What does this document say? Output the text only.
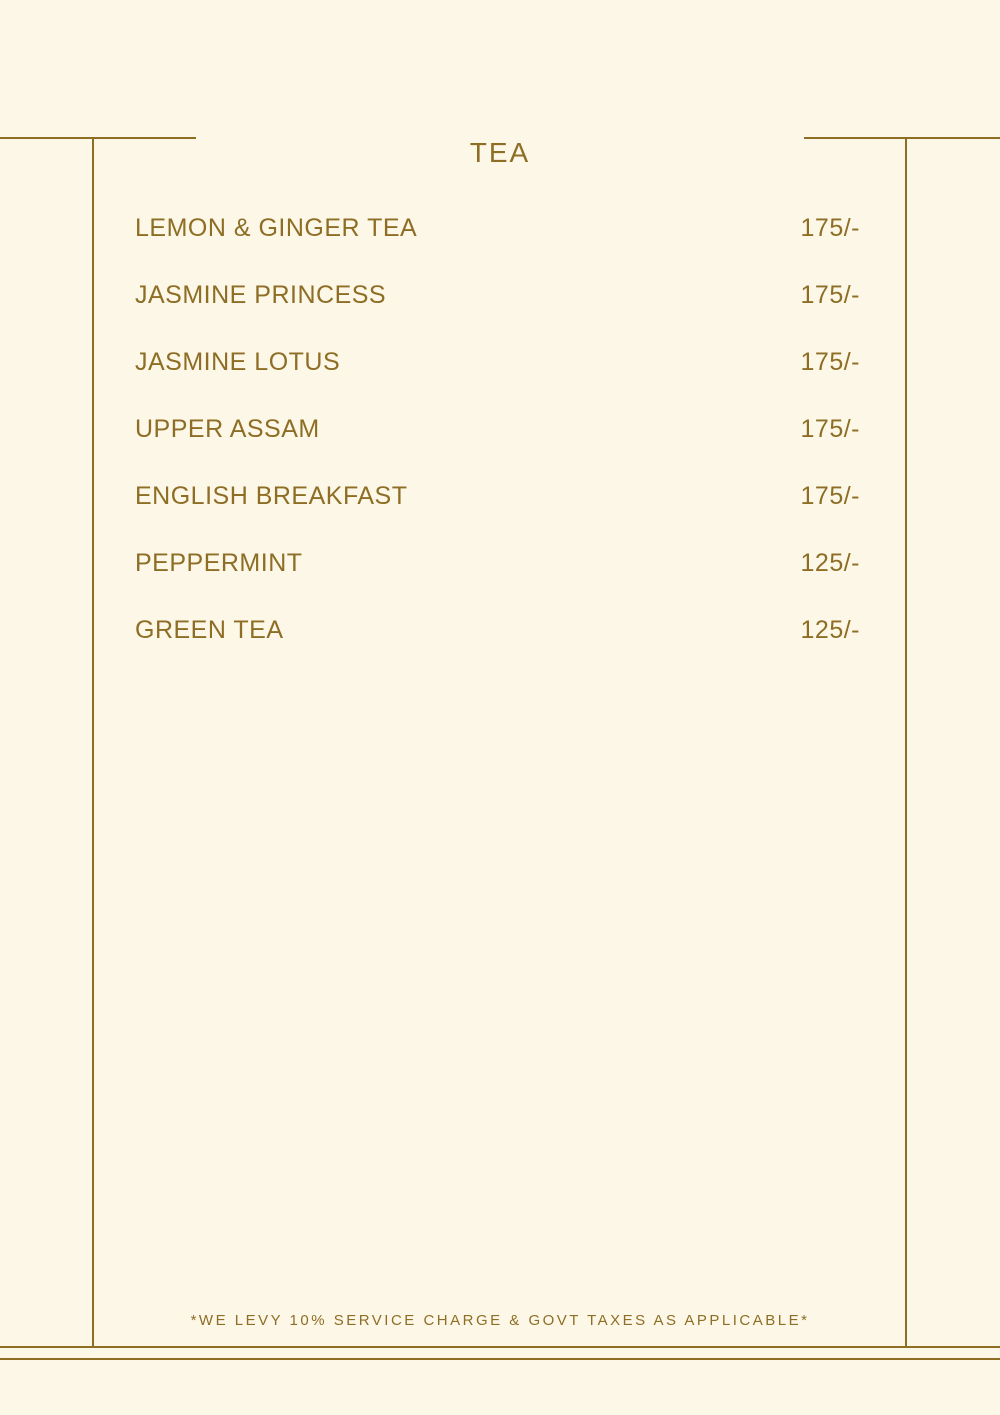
TEA
LEMON & GINGER TEA	175/-
JASMINE PRINCESS	175/-
JASMINE LOTUS	175/-
UPPER ASSAM	175/-
ENGLISH BREAKFAST	175/-
PEPPERMINT	125/-
GREEN TEA	125/-
*WE LEVY 10% SERVICE CHARGE & GOVT TAXES AS APPLICABLE*
